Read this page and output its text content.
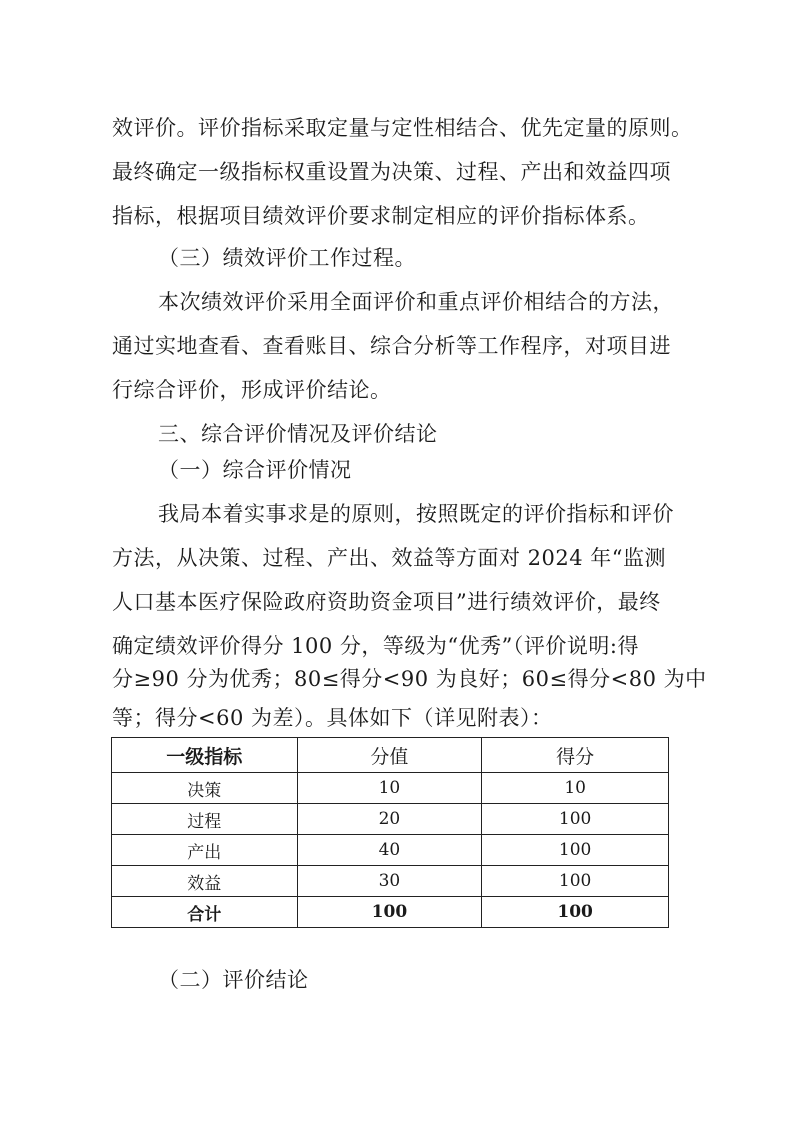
效评价。评价指标采取定量与定性相结合、优先定量的原则。
最终确定一级指标权重设置为决策、过程、产出和效益四项
指标，根据项目绩效评价要求制定相应的评价指标体系。
（三）绩效评价工作过程。
本次绩效评价采用全面评价和重点评价相结合的方法，
通过实地查看、查看账目、综合分析等工作程序，对项目进
行综合评价，形成评价结论。
三、综合评价情况及评价结论
（一）综合评价情况
我局本着实事求是的原则，按照既定的评价指标和评价
方法，从决策、过程、产出、效益等方面对 2024 年“监测
人口基本医疗保险政府资助资金项目”进行绩效评价，最终
确定绩效评价得分 100 分，等级为“优秀”（评价说明:得
分≥90 分为优秀；80≤得分<90 为良好；60≤得分<80 为中
等；得分<60 为差）。具体如下（详见附表）：
一级指标	分值	得分
决策	10	10
过程	20	100
产出	40	100
效益	30	100
合计	100	100
（二）评价结论
